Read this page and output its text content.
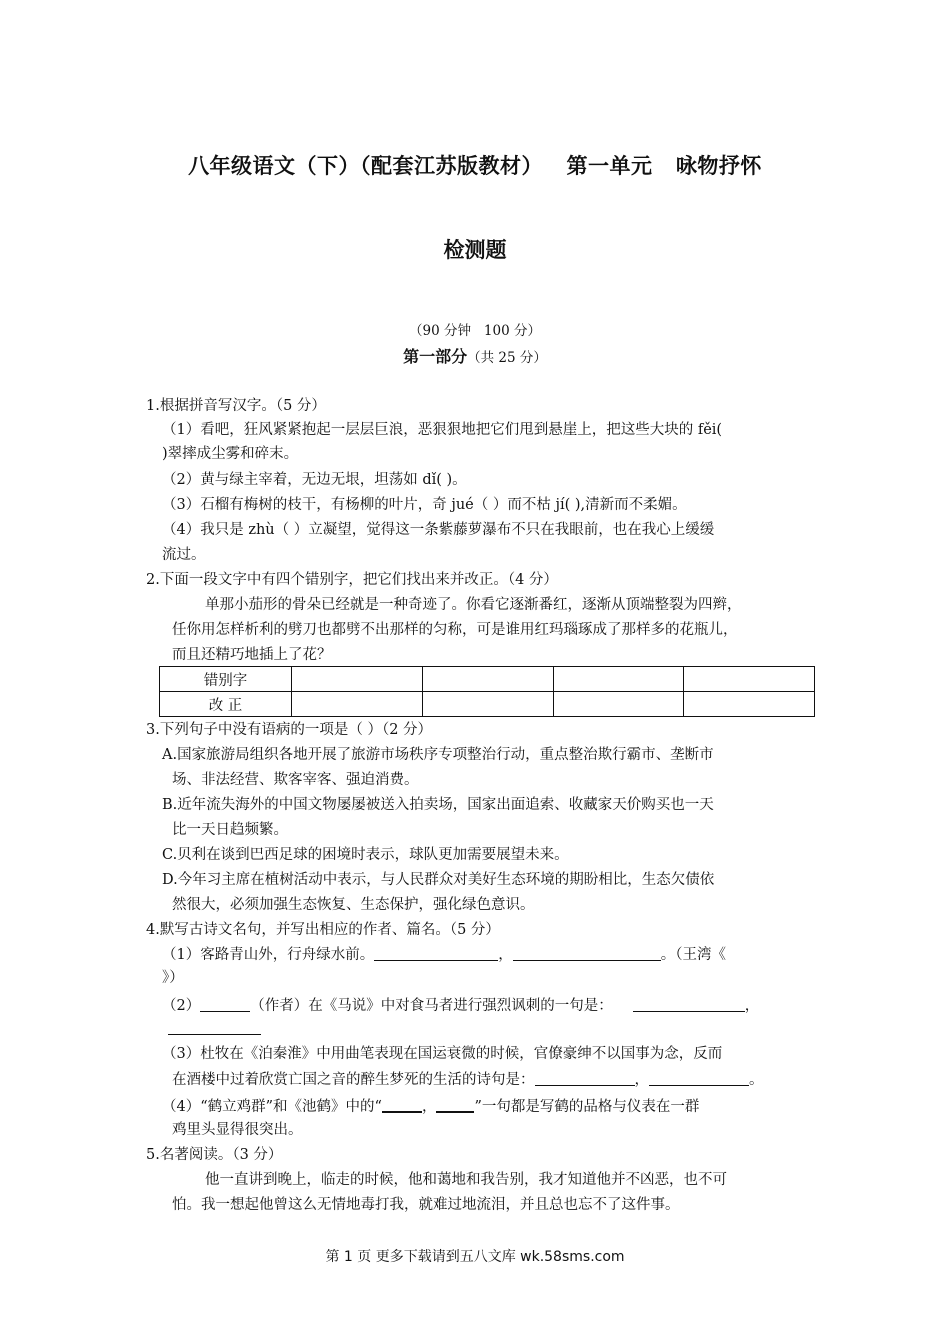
八年级语文（下）（配套江苏版教材）   第一单元   咏物抒怀
检测题
（90 分钟   100 分）
第一部分（共 25 分）
1.根据拼音写汉字。（5 分）
（1）看吧，狂风紧紧抱起一层层巨浪，恶狠狠地把它们甩到悬崖上，把这些大块的 fěi(
)翠摔成尘雾和碎末。
（2）黄与绿主宰着，无边无垠，坦荡如 dǐ( )。
（3）石榴有梅树的枝干，有杨柳的叶片，奇 jué（ ）而不枯 jí( ),清新而不柔媚。
（4）我只是 zhù（ ）立凝望，觉得这一条紫藤萝瀑布不只在我眼前，也在我心上缓缓
流过。
2.下面一段文字中有四个错别字，把它们找出来并改正。（4 分）
单那小茄形的骨朵已经就是一种奇迹了。你看它逐渐番红，逐渐从顶端整裂为四辫，
任你用怎样析利的劈刀也都劈不出那样的匀称，可是谁用红玛瑙琢成了那样多的花瓶儿，
而且还精巧地插上了花？
错别字				
改 正				
3.下列句子中没有语病的一项是（ ）（2 分）
A.国家旅游局组织各地开展了旅游市场秩序专项整治行动，重点整治欺行霸市、垄断市
场、非法经营、欺客宰客、强迫消费。
B.近年流失海外的中国文物屡屡被送入拍卖场，国家出面追索、收藏家天价购买也一天
比一天日趋频繁。
C.贝利在谈到巴西足球的困境时表示，球队更加需要展望未来。
D.今年习主席在植树活动中表示，与人民群众对美好生态环境的期盼相比，生态欠债依
然很大，必须加强生态恢复、生态保护，强化绿色意识。
4.默写古诗文名句，并写出相应的作者、篇名。（5 分）
（1）客路青山外，行舟绿水前。	，	。（王湾《
》）
（2）	（作者）在《马说》中对食马者进行强烈讽刺的一句是：	，
（3）杜牧在《泊秦淮》中用曲笔表现在国运衰微的时候，官僚豪绅不以国事为念，反而
在酒楼中过着欣赏亡国之音的醉生梦死的生活的诗句是：	，	。
（4）“鹤立鸡群”和《池鹤》中的“	，	”一句都是写鹤的品格与仪表在一群
鸡里头显得很突出。
5.名著阅读。（3 分）
他一直讲到晚上，临走的时候，他和蔼地和我告别，我才知道他并不凶恶，也不可
怕。我一想起他曾这么无情地毒打我，就难过地流泪，并且总也忘不了这件事。
第 1 页 更多下载请到五八文库 wk.58sms.com
